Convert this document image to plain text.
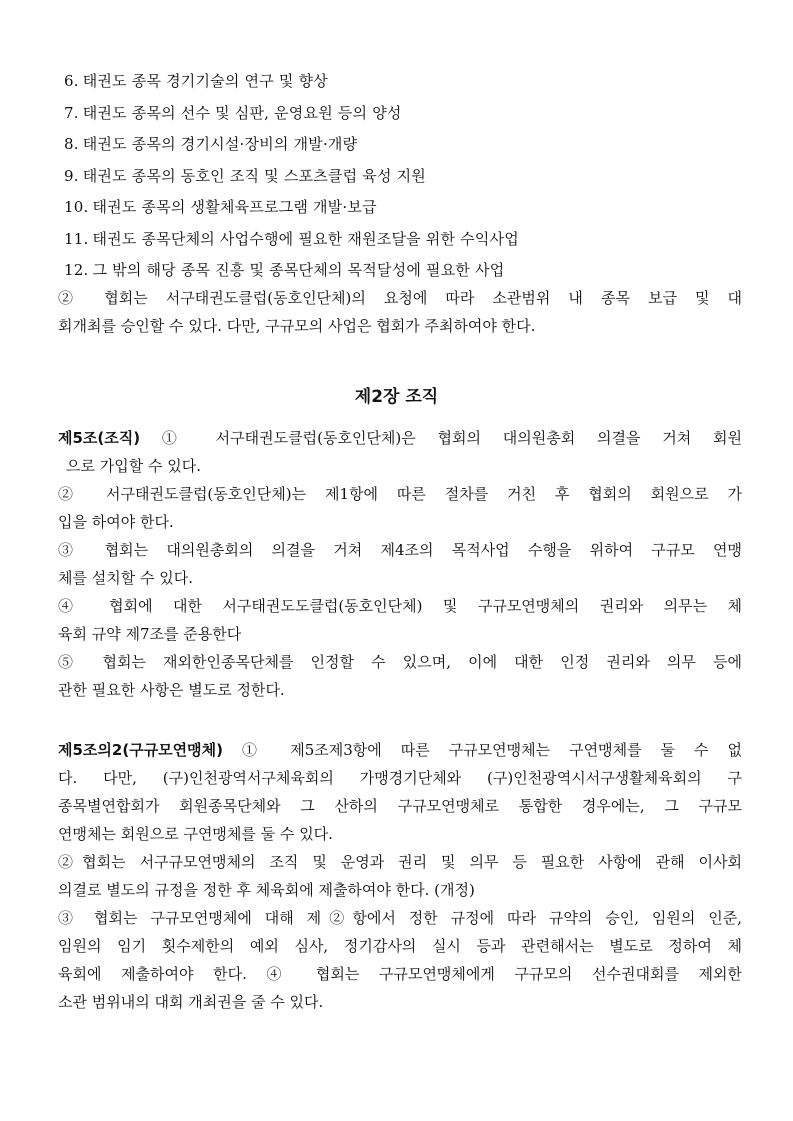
6. 태권도 종목 경기기술의 연구 및 향상
7. 태권도 종목의 선수 및 심판, 운영요원 등의 양성
8. 태권도 종목의 경기시설·장비의 개발·개량
9. 태권도 종목의 동호인 조직 및 스포츠클럽 육성 지원
10. 태권도 종목의 생활체육프로그램 개발·보급
11. 태권도 종목단체의 사업수행에 필요한 재원조달을 위한 수익사업
12. 그 밖의 해당 종목 진흥 및 종목단체의 목적달성에 필요한 사업
② 협회는 서구태권도클럽(동호인단체)의 요청에 따라 소관범위 내 종목 보급 및 대
회개최를 승인할 수 있다. 다만, 구규모의 사업은 협회가 주최하여야 한다.
제2장 조직
제5조(조직) ① 서구태권도클럽(동호인단체)은 협회의 대의원총회 의결을 거쳐 회원
으로 가입할 수 있다.
② 서구태권도클럽(동호인단체)는 제1항에 따른 절차를 거친 후 협회의 회원으로 가
입을 하여야 한다.
③ 협회는 대의원총회의 의결을 거쳐 제4조의 목적사업 수행을 위하여 구규모 연맹
체를 설치할 수 있다.
④ 협회에 대한 서구태권도도클럽(동호인단체) 및 구규모연맹체의 권리와 의무는 체
육회 규약 제7조를 준용한다
⑤ 협회는 재외한인종목단체를 인정할 수 있으며, 이에 대한 인정 권리와 의무 등에
관한 필요한 사항은 별도로 정한다.
제5조의2(구규모연맹체) ① 제5조제3항에 따른 구규모연맹체는 구연맹체를 둘 수 없
다. 다만, (구)인천광역서구체육회의 가맹경기단체와 (구)인천광역시서구생활체육회의 구
종목별연합회가 회원종목단체와 그 산하의 구규모연맹체로 통합한 경우에는, 그 구규모
연맹체는 회원으로 구연맹체를 둘 수 있다.
②협회는 서구규모연맹체의 조직 및 운영과 권리 및 의무 등 필요한 사항에 관해 이사회
의결로 별도의 규정을 정한 후 체육회에 제출하여야 한다. (개정)
③ 협회는 구규모연맹체에 대해 제②항에서 정한 규정에 따라 규약의 승인, 임원의 인준,
임원의 임기 횟수제한의 예외 심사, 정기감사의 실시 등과 관련해서는 별도로 정하여 체
육회에 제출하여야 한다. ④ 협회는 구규모연맹체에게 구규모의 선수권대회를 제외한
소관 범위내의 대회 개최권을 줄 수 있다.
